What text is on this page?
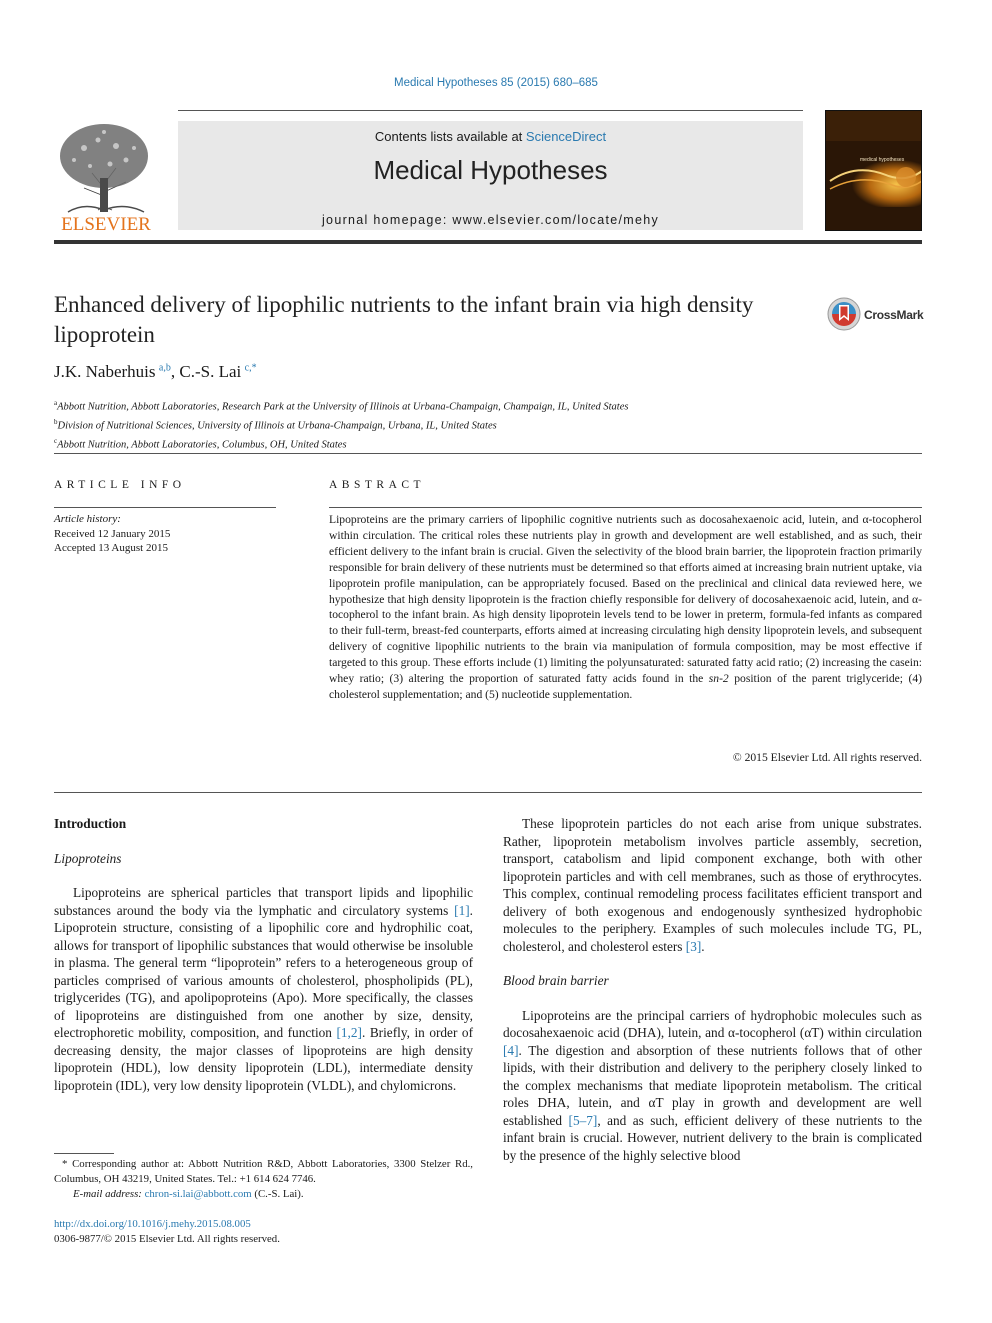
Medical Hypotheses 85 (2015) 680–685
ELSEVIER
Contents lists available at ScienceDirect
Medical Hypotheses
journal homepage: www.elsevier.com/locate/mehy
medical hypotheses
Enhanced delivery of lipophilic nutrients to the infant brain via high density lipoprotein
CrossMark
J.K. Naberhuis  $^{a,b}$, C.-S. Lai  $^{c,*}$
$^a$Abbott Nutrition, Abbott Laboratories, Research Park at the University of Illinois at Urbana-Champaign, Champaign, IL, United States
$^b$Division of Nutritional Sciences, University of Illinois at Urbana-Champaign, Urbana, IL, United States
$^c$Abbott Nutrition, Abbott Laboratories, Columbus, OH, United States
ARTICLE INFO
Article history:
Received 12 January 2015
Accepted 13 August 2015
ABSTRACT

Lipoproteins are the primary carriers of lipophilic cognitive nutrients such as docosahexaenoic acid, lutein, and α-tocopherol within circulation. The critical roles these nutrients play in growth and development are well established, and as such, their efficient delivery to the infant brain is crucial. Given the selectivity of the blood brain barrier, the lipoprotein fraction primarily responsible for brain delivery of these nutrients must be determined so that efforts aimed at increasing brain nutrient uptake, via lipoprotein profile manipulation, can be appropriately focused. Based on the preclinical and clinical data reviewed here, we hypothesize that high density lipoprotein is the fraction chiefly responsible for delivery of docosahexaenoic acid, lutein, and α-tocopherol to the infant brain. As high density lipoprotein levels tend to be lower in preterm, formula-fed infants as compared to their full-term, breast-fed counterparts, efforts aimed at increasing circulating high density lipoprotein levels, and subsequent delivery of cognitive lipophilic nutrients to the brain via manipulation of formula composition, may be most effective if targeted to this group. These efforts include (1) limiting the polyunsaturated: saturated fatty acid ratio; (2) increasing the casein: whey ratio; (3) altering the proportion of saturated fatty acids found in the sn-2 position of the parent triglyceride; (4) cholesterol supplementation; and (5) nucleotide supplementation.

© 2015 Elsevier Ltd. All rights reserved.
Introduction
Lipoproteins

Lipoproteins are spherical particles that transport lipids and lipophilic substances around the body via the lymphatic and circulatory systems [1]. Lipoprotein structure, consisting of a lipophilic core and hydrophilic coat, allows for transport of lipophilic substances that would otherwise be insoluble in plasma. The general term “lipoprotein” refers to a heterogeneous group of particles comprised of various amounts of cholesterol, phospholipids (PL), triglycerides (TG), and apolipoproteins (Apo). More specifically, the classes of lipoproteins are distinguished from one another by size, density, electrophoretic mobility, composition, and function [1,2]. Briefly, in order of decreasing density, the major classes of lipoproteins are high density lipoprotein (HDL), low density lipoprotein (LDL), intermediate density lipoprotein (IDL), very low density lipoprotein (VLDL), and chylomicrons.

These lipoprotein particles do not each arise from unique substrates. Rather, lipoprotein metabolism involves particle assembly, secretion, transport, catabolism and lipid component exchange, both with other lipoprotein particles and with cell membranes, such as those of erythrocytes. This complex, continual remodeling process facilitates efficient transport and delivery of both exogenous and endogenously synthesized hydrophobic molecules to the periphery. Examples of such molecules include TG, PL, cholesterol, and cholesterol esters [3].

Blood brain barrier

Lipoproteins are the principal carriers of hydrophobic molecules such as docosahexaenoic acid (DHA), lutein, and α-tocopherol (αT) within circulation [4]. The digestion and absorption of these nutrients follows that of other lipids, with their distribution and delivery to the periphery closely linked to the complex mechanisms that mediate lipoprotein metabolism. The critical roles DHA, lutein, and αT play in growth and development are well established [5–7], and as such, efficient delivery of these nutrients to the infant brain is crucial. However, nutrient delivery to the brain is complicated by the presence of the highly selective blood

* Corresponding author at: Abbott Nutrition R&D, Abbott Laboratories, 3300 Stelzer Rd., Columbus, OH 43219, United States. Tel.: +1 614 624 7746.
E-mail address: chron-si.lai@abbott.com (C.-S. Lai).
http://dx.doi.org/10.1016/j.mehy.2015.08.005
0306-9877/© 2015 Elsevier Ltd. All rights reserved.
